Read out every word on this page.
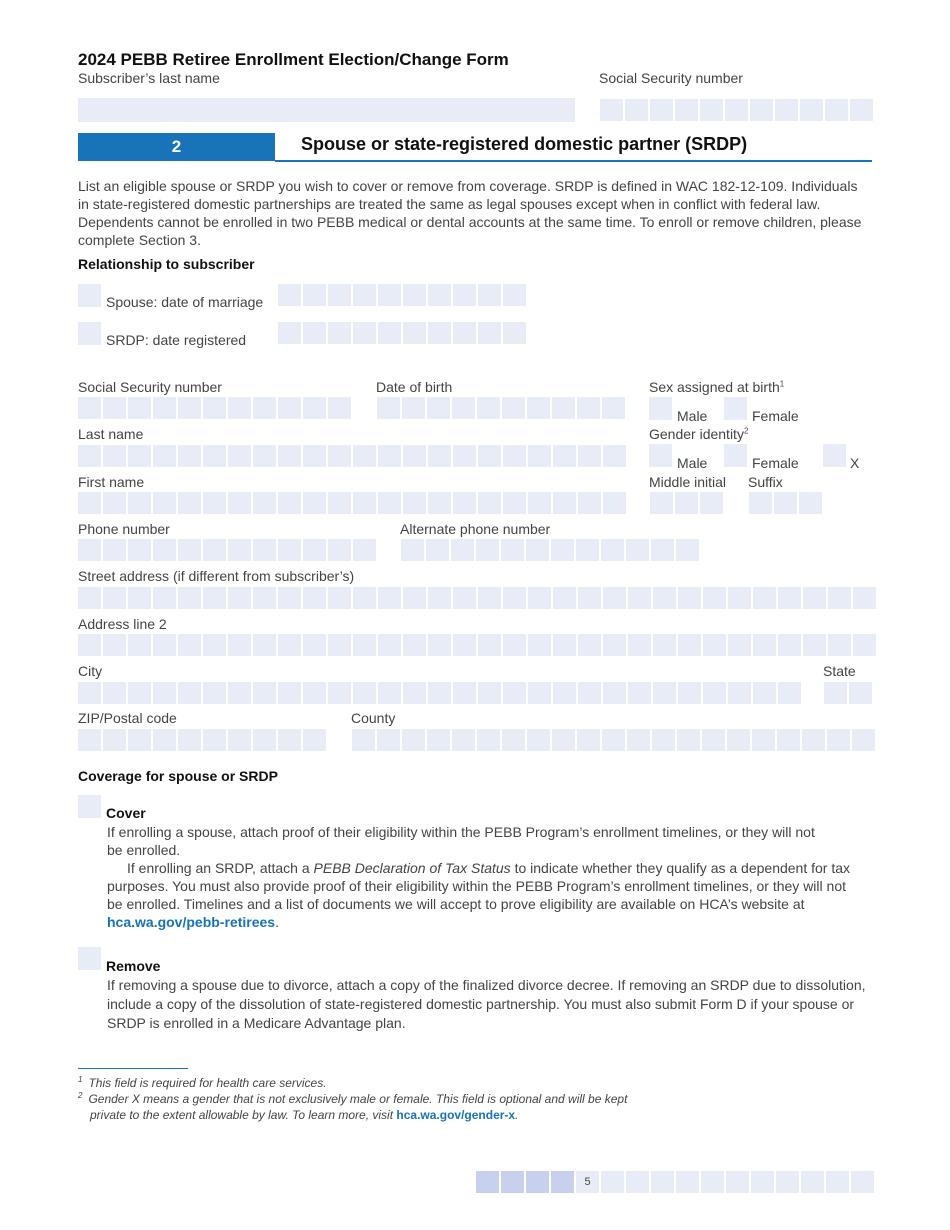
2024 PEBB Retiree Enrollment Election/Change Form
Subscriber’s last name	Social Security number
2	Spouse or state-registered domestic partner (SRDP)
List an eligible spouse or SRDP you wish to cover or remove from coverage. SRDP is defined in WAC 182-12-109. Individuals
in state-registered domestic partnerships are treated the same as legal spouses except when in conflict with federal law.
Dependents cannot be enrolled in two PEBB medical or dental accounts at the same time. To enroll or remove children, please
complete Section 3.
Relationship to subscriber
Spouse: date of marriage
SRDP: date registered
Social Security number	Date of birth	Sex assigned at birth$^1$
Male	Female
Last name	Gender identity$^2$
Male	Female	X
First name	Middle initial Suffix
Phone number	Alternate phone number
Street address (if different from subscriber’s)
Address line 2
City	State
ZIP/Postal code	County
Coverage for spouse or SRDP
Cover
If enrolling a spouse, attach proof of their eligibility within the PEBB Program’s enrollment timelines, or they will not
be enrolled.
If enrolling an SRDP, attach a PEBB Declaration of Tax Status to indicate whether they qualify as a dependent for tax
purposes. You must also provide proof of their eligibility within the PEBB Program’s enrollment timelines, or they will not
be enrolled. Timelines and a list of documents we will accept to prove eligibility are available on HCA’s website at
hca.wa.gov/pebb-retirees.
Remove
If removing a spouse due to divorce, attach a copy of the finalized divorce decree. If removing an SRDP due to dissolution,
include a copy of the dissolution of state-registered domestic partnership. You must also submit Form D if your spouse or
SRDP is enrolled in a Medicare Advantage plan.
$^1$ This field is required for health care services.
$^2$ Gender X means a gender that is not exclusively male or female. This field is optional and will be kept
private to the extent allowable by law. To learn more, visit hca.wa.gov/gender-x.
5
